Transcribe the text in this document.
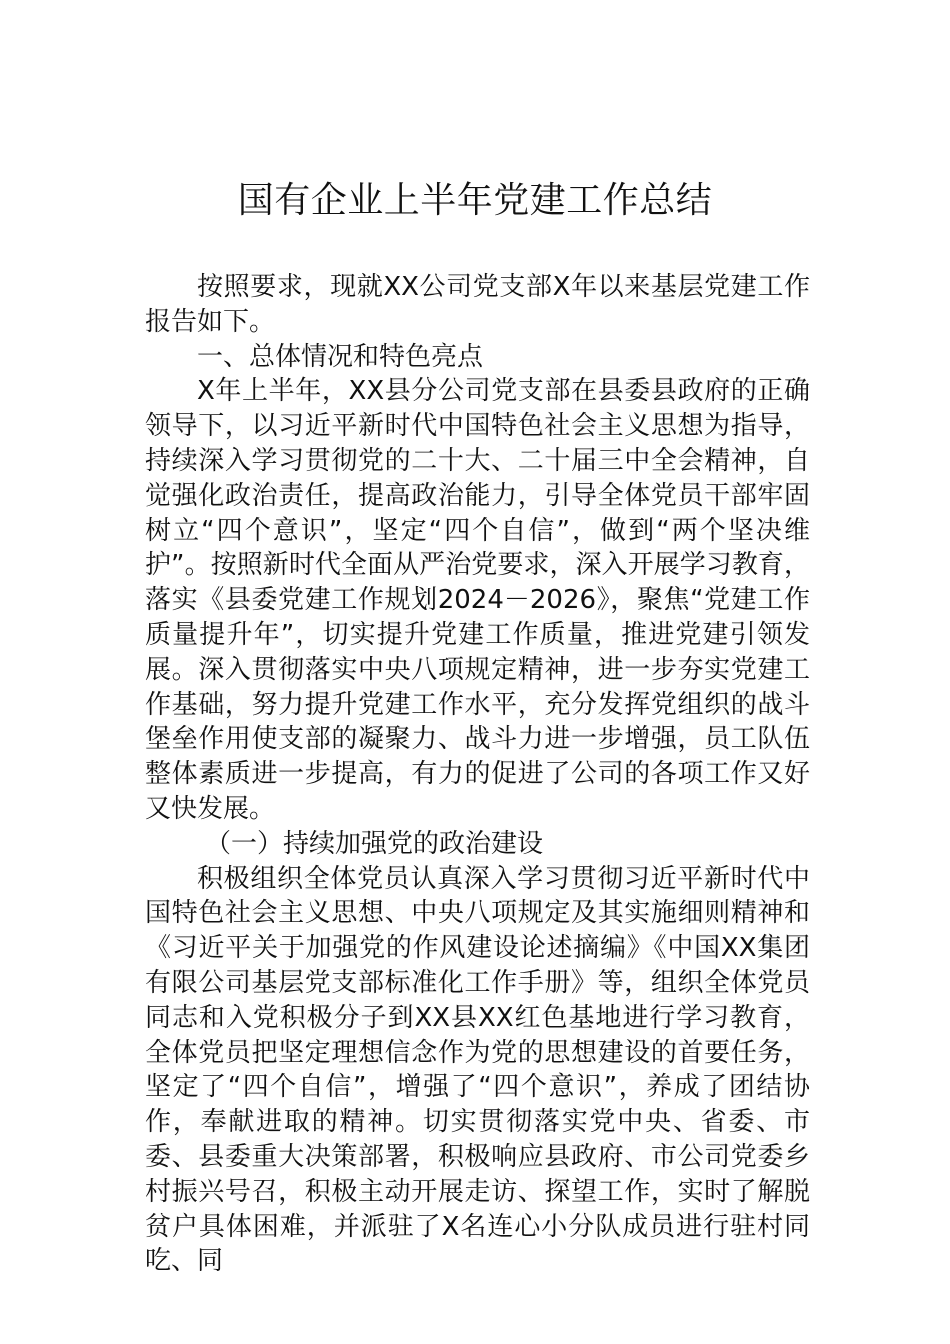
国有企业上半年党建工作总结

按照要求，现就XX公司党支部X年以来基层党建工作报告如下。

一、总体情况和特色亮点

X年上半年，XX县分公司党支部在县委县政府的正确领导下，以习近平新时代中国特色社会主义思想为指导，持续深入学习贯彻党的二十大、二十届三中全会精神，自觉强化政治责任，提高政治能力，引导全体党员干部牢固树立“四个意识”，坚定“四个自信”，做到“两个坚决维护”。按照新时代全面从严治党要求，深入开展学习教育，落实《县委党建工作规划2024－2026》，聚焦“党建工作质量提升年”，切实提升党建工作质量，推进党建引领发展。深入贯彻落实中央八项规定精神，进一步夯实党建工作基础，努力提升党建工作水平，充分发挥党组织的战斗堡垒作用使支部的凝聚力、战斗力进一步增强，员工队伍整体素质进一步提高，有力的促进了公司的各项工作又好又快发展。

（一）持续加强党的政治建设

积极组织全体党员认真深入学习贯彻习近平新时代中国特色社会主义思想、中央八项规定及其实施细则精神和《习近平关于加强党的作风建设论述摘编》《中国XX集团有限公司基层党支部标准化工作手册》等，组织全体党员同志和入党积极分子到XX县XX红色基地进行学习教育，全体党员把坚定理想信念作为党的思想建设的首要任务，坚定了“四个自信”，增强了“四个意识”，养成了团结协作，奉献进取的精神。切实贯彻落实党中央、省委、市委、县委重大决策部署，积极响应县政府、市公司党委乡村振兴号召，积极主动开展走访、探望工作，实时了解脱贫户具体困难，并派驻了X名连心小分队成员进行驻村同吃、同
